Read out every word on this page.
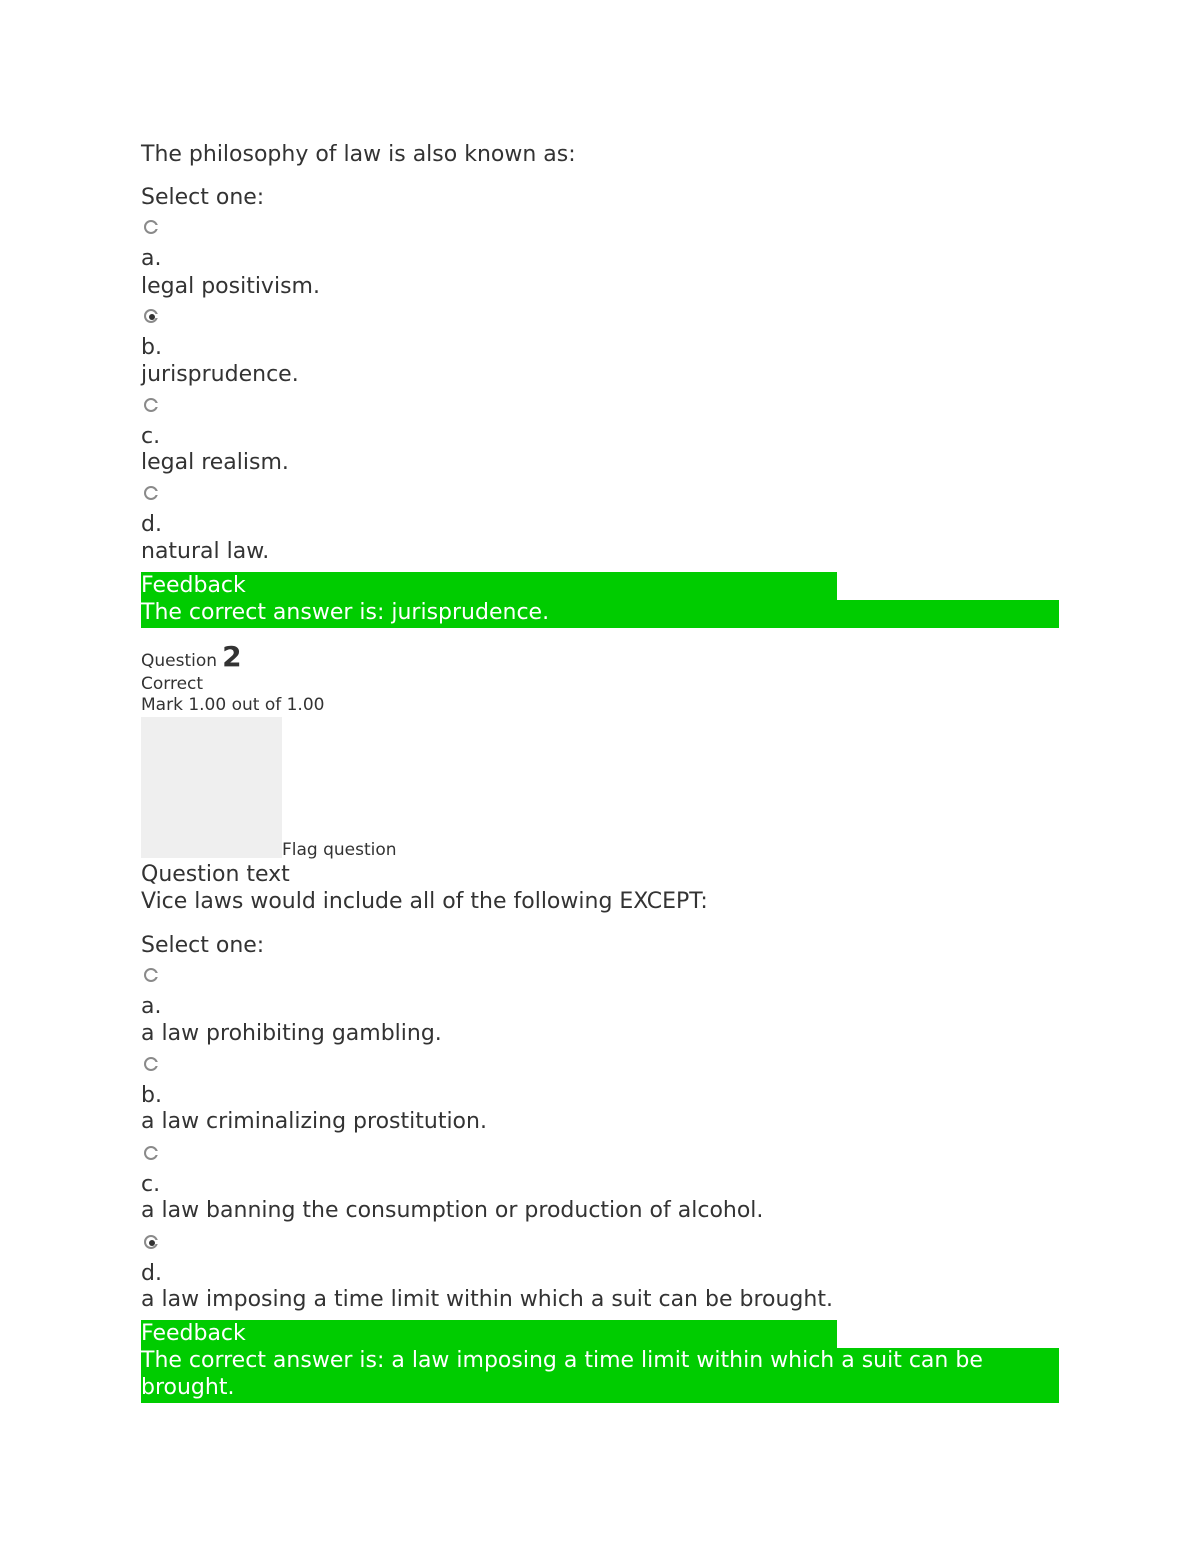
The philosophy of law is also known as:
Select one:
a.
legal positivism.
b.
jurisprudence.
c.
legal realism.
d.
natural law.
Feedback
The correct answer is: jurisprudence.
Question 2
Correct
Mark 1.00 out of 1.00
Flag question
Question text
Vice laws would include all of the following EXCEPT:
Select one:
a.
a law prohibiting gambling.
b.
a law criminalizing prostitution.
c.
a law banning the consumption or production of alcohol.
d.
a law imposing a time limit within which a suit can be brought.
Feedback
The correct answer is: a law imposing a time limit within which a suit can be
brought.
